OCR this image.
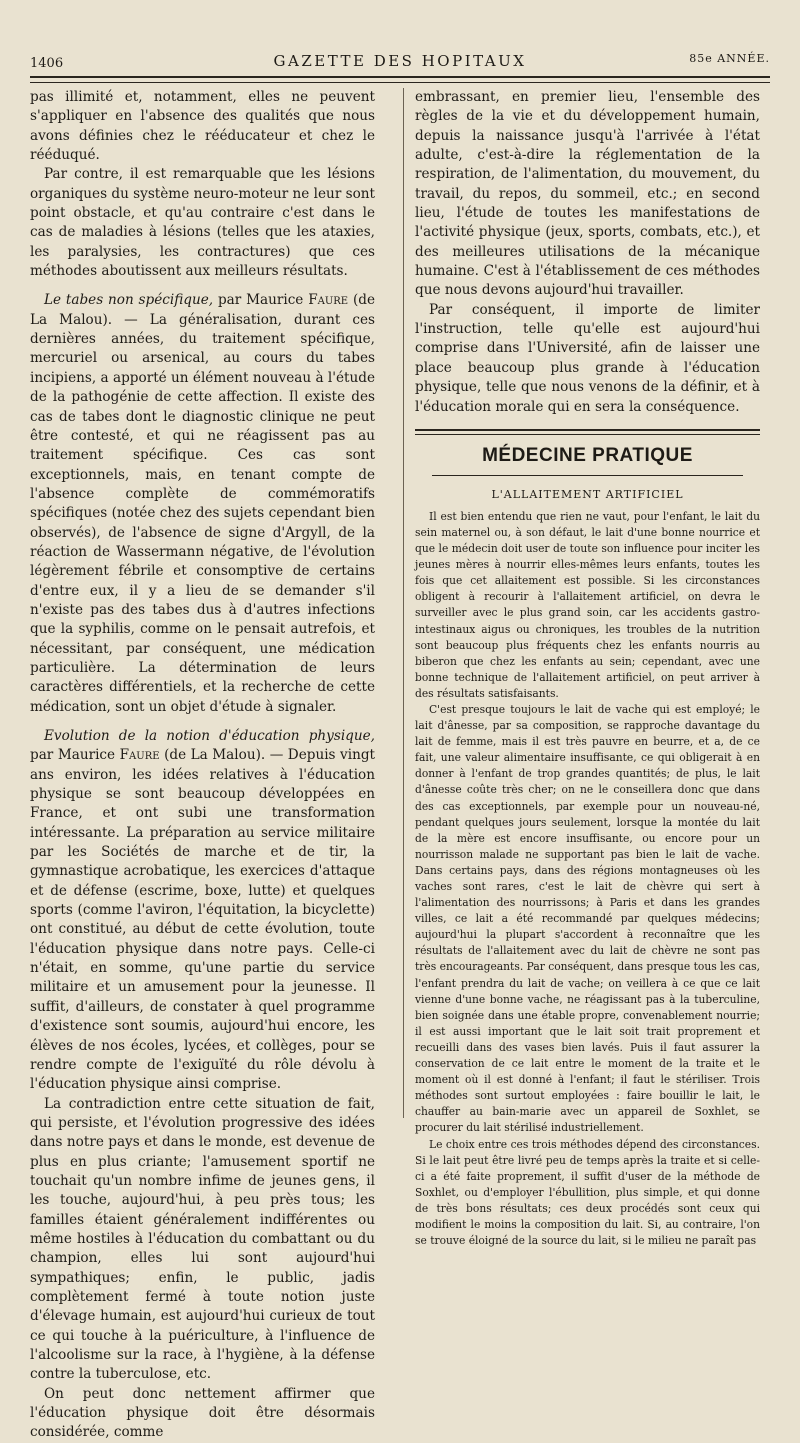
1406	GAZETTE DES HOPITAUX	85e ANNÉE.

pas illimité et, notamment, elles ne peuvent s'appliquer en l'absence des qualités que nous avons définies chez le rééducateur et chez le rééduqué.

Par contre, il est remarquable que les lésions organiques du système neuro-moteur ne leur sont point obstacle, et qu'au contraire c'est dans le cas de maladies à lésions (telles que les ataxies, les paralysies, les contractures) que ces méthodes aboutissent aux meilleurs résultats.

Le tabes non spécifique, par Maurice Faure (de La Malou). — La généralisation, durant ces dernières années, du traitement spécifique, mercuriel ou arsenical, au cours du tabes incipiens, a apporté un élément nouveau à l'étude de la pathogénie de cette affection. Il existe des cas de tabes dont le diagnostic clinique ne peut être contesté, et qui ne réagissent pas au traitement spécifique. Ces cas sont exceptionnels, mais, en tenant compte de l'absence complète de commémoratifs spécifiques (notée chez des sujets cependant bien observés), de l'absence de signe d'Argyll, de la réaction de Wassermann négative, de l'évolution légèrement fébrile et consomptive de certains d'entre eux, il y a lieu de se demander s'il n'existe pas des tabes dus à d'autres infections que la syphilis, comme on le pensait autrefois, et nécessitant, par conséquent, une médication particulière. La détermination de leurs caractères différentiels, et la recherche de cette médication, sont un objet d'étude à signaler.

Evolution de la notion d'éducation physique, par Maurice Faure (de La Malou). — Depuis vingt ans environ, les idées relatives à l'éducation physique se sont beaucoup développées en France, et ont subi une transformation intéressante. La préparation au service militaire par les Sociétés de marche et de tir, la gymnastique acrobatique, les exercices d'attaque et de défense (escrime, boxe, lutte) et quelques sports (comme l'aviron, l'équitation, la bicyclette) ont constitué, au début de cette évolution, toute l'éducation physique dans notre pays. Celle-ci n'était, en somme, qu'une partie du service militaire et un amusement pour la jeunesse. Il suffit, d'ailleurs, de constater à quel programme d'existence sont soumis, aujourd'hui encore, les élèves de nos écoles, lycées, et collèges, pour se rendre compte de l'exiguïté du rôle dévolu à l'éducation physique ainsi comprise.

La contradiction entre cette situation de fait, qui persiste, et l'évolution progressive des idées dans notre pays et dans le monde, est devenue de plus en plus criante; l'amusement sportif ne touchait qu'un nombre infime de jeunes gens, il les touche, aujourd'hui, à peu près tous; les familles étaient généralement indifférentes ou même hostiles à l'éducation du combattant ou du champion, elles lui sont aujourd'hui sympathiques; enfin, le public, jadis complètement fermé à toute notion juste d'élevage humain, est aujourd'hui curieux de tout ce qui touche à la puériculture, à l'influence de l'alcoolisme sur la race, à l'hygiène, à la défense contre la tuberculose, etc.

On peut donc nettement affirmer que l'éducation physique doit être désormais considérée, comme

embrassant, en premier lieu, l'ensemble des règles de la vie et du développement humain, depuis la naissance jusqu'à l'arrivée à l'état adulte, c'est-à-dire la réglementation de la respiration, de l'alimentation, du mouvement, du travail, du repos, du sommeil, etc.; en second lieu, l'étude de toutes les manifestations de l'activité physique (jeux, sports, combats, etc.), et des meilleures utilisations de la mécanique humaine. C'est à l'établissement de ces méthodes que nous devons aujourd'hui travailler.

Par conséquent, il importe de limiter l'instruction, telle qu'elle est aujourd'hui comprise dans l'Université, afin de laisser une place beaucoup plus grande à l'éducation physique, telle que nous venons de la définir, et à l'éducation morale qui en sera la conséquence.

MÉDECINE PRATIQUE
L'ALLAITEMENT ARTIFICIEL

Il est bien entendu que rien ne vaut, pour l'enfant, le lait du sein maternel ou, à son défaut, le lait d'une bonne nourrice et que le médecin doit user de toute son influence pour inciter les jeunes mères à nourrir elles-mêmes leurs enfants, toutes les fois que cet allaitement est possible. Si les circonstances obligent à recourir à l'allaitement artificiel, on devra le surveiller avec le plus grand soin, car les accidents gastro-intestinaux aigus ou chroniques, les troubles de la nutrition sont beaucoup plus fréquents chez les enfants nourris au biberon que chez les enfants au sein; cependant, avec une bonne technique de l'allaitement artificiel, on peut arriver à des résultats satisfaisants.

C'est presque toujours le lait de vache qui est employé; le lait d'ânesse, par sa composition, se rapproche davantage du lait de femme, mais il est très pauvre en beurre, et a, de ce fait, une valeur alimentaire insuffisante, ce qui obligerait à en donner à l'enfant de trop grandes quantités; de plus, le lait d'ânesse coûte très cher; on ne le conseillera donc que dans des cas exceptionnels, par exemple pour un nouveau-né, pendant quelques jours seulement, lorsque la montée du lait de la mère est encore insuffisante, ou encore pour un nourrisson malade ne supportant pas bien le lait de vache. Dans certains pays, dans des régions montagneuses où les vaches sont rares, c'est le lait de chèvre qui sert à l'alimentation des nourrissons; à Paris et dans les grandes villes, ce lait a été recommandé par quelques médecins; aujourd'hui la plupart s'accordent à reconnaître que les résultats de l'allaitement avec du lait de chèvre ne sont pas très encourageants. Par conséquent, dans presque tous les cas, l'enfant prendra du lait de vache; on veillera à ce que ce lait vienne d'une bonne vache, ne réagissant pas à la tuberculine, bien soignée dans une étable propre, convenablement nourrie; il est aussi important que le lait soit trait proprement et recueilli dans des vases bien lavés. Puis il faut assurer la conservation de ce lait entre le moment de la traite et le moment où il est donné à l'enfant; il faut le stériliser. Trois méthodes sont surtout employées : faire bouillir le lait, le chauffer au bain-marie avec un appareil de Soxhlet, se procurer du lait stérilisé industriellement.

Le choix entre ces trois méthodes dépend des circonstances. Si le lait peut être livré peu de temps après la traite et si celle-ci a été faite proprement, il suffit d'user de la méthode de Soxhlet, ou d'employer l'ébullition, plus simple, et qui donne de très bons résultats; ces deux procédés sont ceux qui modifient le moins la composition du lait. Si, au contraire, l'on se trouve éloigné de la source du lait, si le milieu ne paraît pas
